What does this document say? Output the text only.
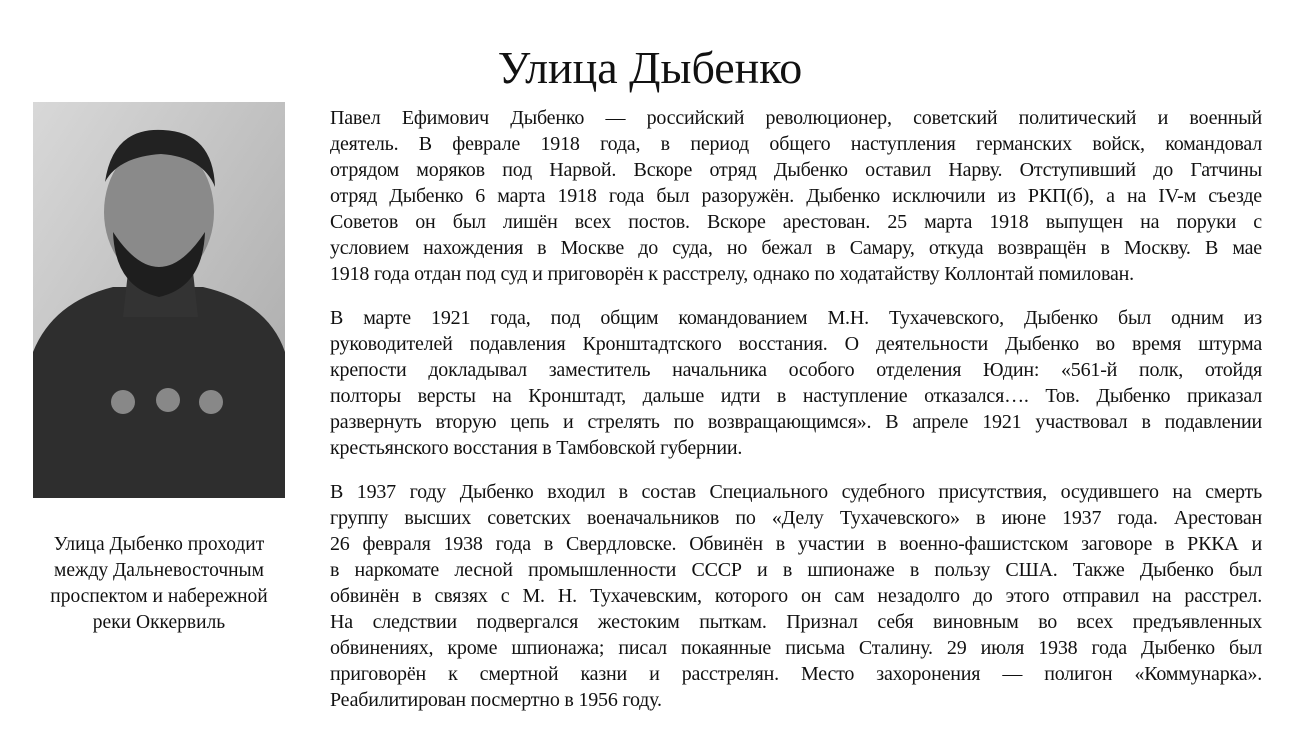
Улица Дыбенко
Улица Дыбенко проходит
между Дальневосточным
проспектом и набережной
реки Оккервиль
Павел Ефимович Дыбенко — российский революционер, советский политический и военный
деятель. В феврале 1918 года, в период общего наступления германских войск, командовал
отрядом моряков под Нарвой. Вскоре отряд Дыбенко оставил Нарву. Отступивший до Гатчины
отряд Дыбенко 6 марта 1918 года был разоружён. Дыбенко исключили из РКП(б), а на IV-м съезде
Советов он был лишён всех постов. Вскоре арестован. 25 марта 1918 выпущен на поруки с
условием нахождения в Москве до суда, но бежал в Самару, откуда возвращён в Москву. В мае
1918 года отдан под суд и приговорён к расстрелу, однако по ходатайству Коллонтай помилован.
В марте 1921 года, под общим командованием М.Н. Тухачевского, Дыбенко был одним из
руководителей подавления Кронштадтского восстания. О деятельности Дыбенко во время штурма
крепости докладывал заместитель начальника особого отделения Юдин: «561-й полк, отойдя
полторы версты на Кронштадт, дальше идти в наступление отказался…. Тов. Дыбенко приказал
развернуть вторую цепь и стрелять по возвращающимся». В апреле 1921 участвовал в подавлении
крестьянского восстания в Тамбовской губернии.
В 1937 году Дыбенко входил в состав Специального судебного присутствия, осудившего на смерть
группу высших советских военачальников по «Делу Тухачевского» в июне 1937 года. Арестован
26 февраля 1938 года в Свердловске. Обвинён в участии в военно-фашистском заговоре в РККА и
в наркомате лесной промышленности СССР и в шпионаже в пользу США. Также Дыбенко был
обвинён в связях с М. Н. Тухачевским, которого он сам незадолго до этого отправил на расстрел.
На следствии подвергался жестоким пыткам. Признал себя виновным во всех предъявленных
обвинениях, кроме шпионажа; писал покаянные письма Сталину. 29 июля 1938 года Дыбенко был
приговорён к смертной казни и расстрелян. Место захоронения — полигон «Коммунарка».
Реабилитирован посмертно в 1956 году.
